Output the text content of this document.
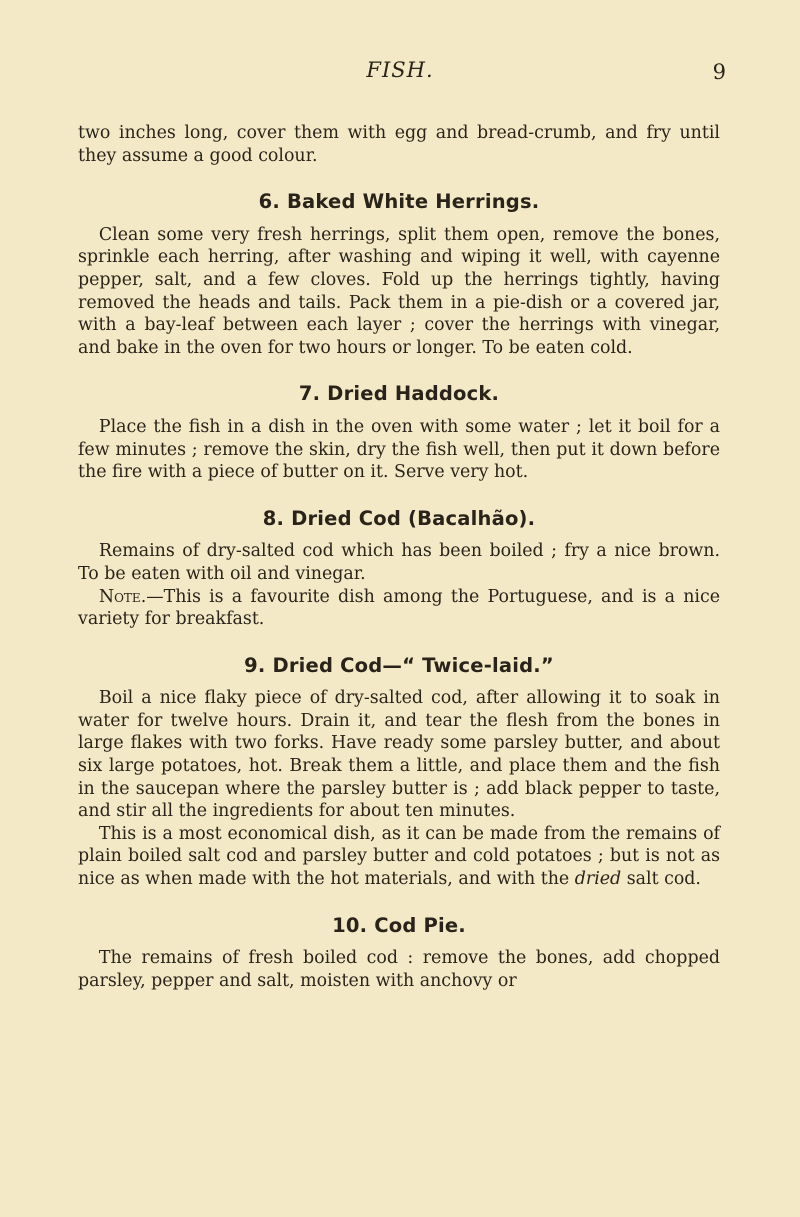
FISH.	9

two inches long, cover them with egg and bread-crumb, and fry until they assume a good colour.

6. Baked White Herrings.

Clean some very fresh herrings, split them open, remove the bones, sprinkle each herring, after washing and wiping it well, with cayenne pepper, salt, and a few cloves. Fold up the herrings tightly, having removed the heads and tails. Pack them in a pie-dish or a covered jar, with a bay-leaf between each layer ; cover the herrings with vinegar, and bake in the oven for two hours or longer. To be eaten cold.

7. Dried Haddock.

Place the fish in a dish in the oven with some water ; let it boil for a few minutes ; remove the skin, dry the fish well, then put it down before the fire with a piece of butter on it. Serve very hot.

8. Dried Cod (Bacalhão).

Remains of dry-salted cod which has been boiled ; fry a nice brown. To be eaten with oil and vinegar.

Note.—This is a favourite dish among the Portuguese, and is a nice variety for breakfast.

9. Dried Cod—“ Twice-laid.”

Boil a nice flaky piece of dry-salted cod, after allowing it to soak in water for twelve hours. Drain it, and tear the flesh from the bones in large flakes with two forks. Have ready some parsley butter, and about six large potatoes, hot. Break them a little, and place them and the fish in the saucepan where the parsley butter is ; add black pepper to taste, and stir all the ingredients for about ten minutes.

This is a most economical dish, as it can be made from the remains of plain boiled salt cod and parsley butter and cold potatoes ; but is not as nice as when made with the hot materials, and with the dried salt cod.

10. Cod Pie.

The remains of fresh boiled cod : remove the bones, add chopped parsley, pepper and salt, moisten with anchovy or
